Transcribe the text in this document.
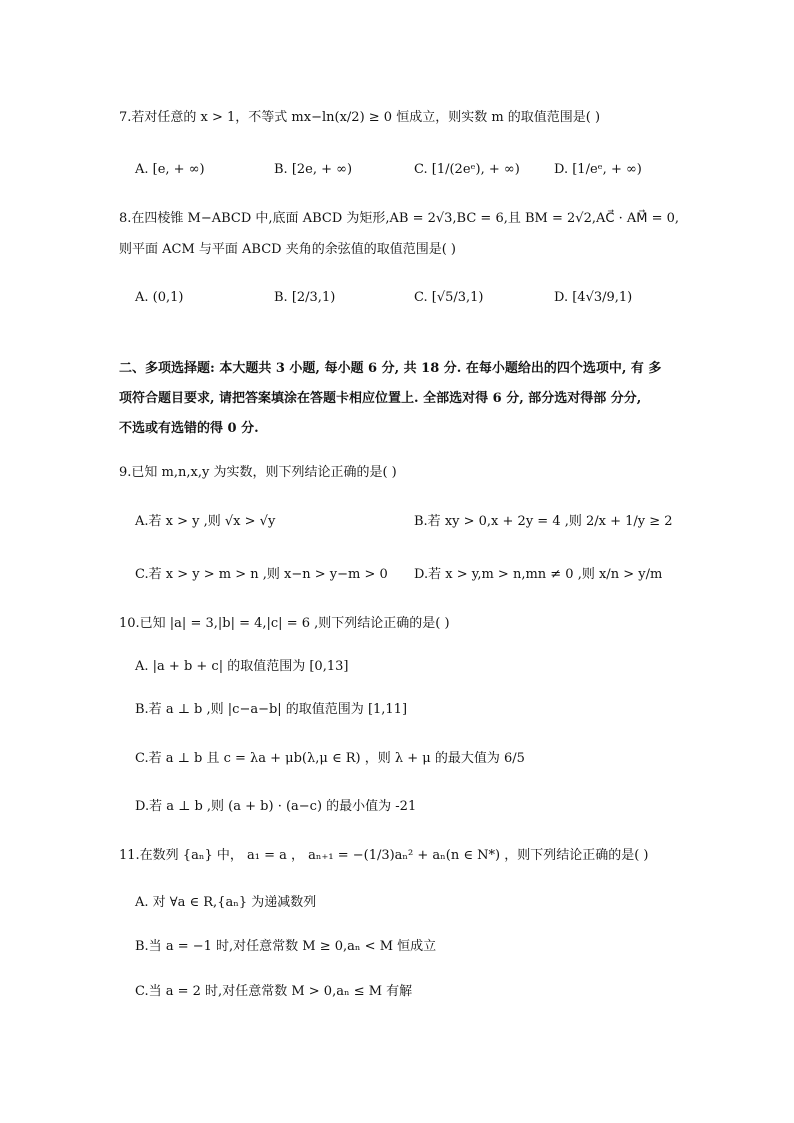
7.若对任意的 x > 1，不等式 mx−ln(x/2) ≥ 0 恒成立，则实数 m 的取值范围是( )
A. [e, + ∞)	B. [2e, + ∞)	C. [1/(2eᵉ), + ∞)	D. [1/eᵉ, + ∞)
8.在四棱锥 M−ABCD 中,底面 ABCD 为矩形,AB = 2√3,BC = 6,且 BM = 2√2,AC⃗ · AM⃗ = 0,
则平面 ACM 与平面 ABCD 夹角的余弦值的取值范围是( )
A. (0,1)	B. [2/3,1)	C. [√5/3,1)	D. [4√3/9,1)
二、多项选择题: 本大题共 3 小题, 每小题 6 分, 共 18 分. 在每小题给出的四个选项中, 有 多
项符合题目要求, 请把答案填涂在答题卡相应位置上. 全部选对得 6 分, 部分选对得部 分分,
不选或有选错的得 0 分.
9.已知 m,n,x,y 为实数，则下列结论正确的是( )
A.若 x > y ,则 √x > √y	B.若 xy > 0,x + 2y = 4 ,则 2/x + 1/y ≥ 2
C.若 x > y > m > n ,则 x−n > y−m > 0 D.若 x > y,m > n,mn ≠ 0 ,则 x/n > y/m
10.已知 |a| = 3,|b| = 4,|c| = 6 ,则下列结论正确的是( )
A. |a + b + c| 的取值范围为 [0,13]
B.若 a ⊥ b ,则 |c−a−b| 的取值范围为 [1,11]
C.若 a ⊥ b 且 c = λa + μb(λ,μ ∈ R) ，则 λ + μ 的最大值为 6/5
D.若 a ⊥ b ,则 (a + b) · (a−c) 的最小值为 -21
11.在数列 {aₙ} 中， a₁ = a ， aₙ₊₁ = −(1/3)aₙ² + aₙ(n ∈ N*) ，则下列结论正确的是( )
A. 对 ∀a ∈ R,{aₙ} 为递减数列
B.当 a = −1 时,对任意常数 M ≥ 0,aₙ < M 恒成立
C.当 a = 2 时,对任意常数 M > 0,aₙ ≤ M 有解
